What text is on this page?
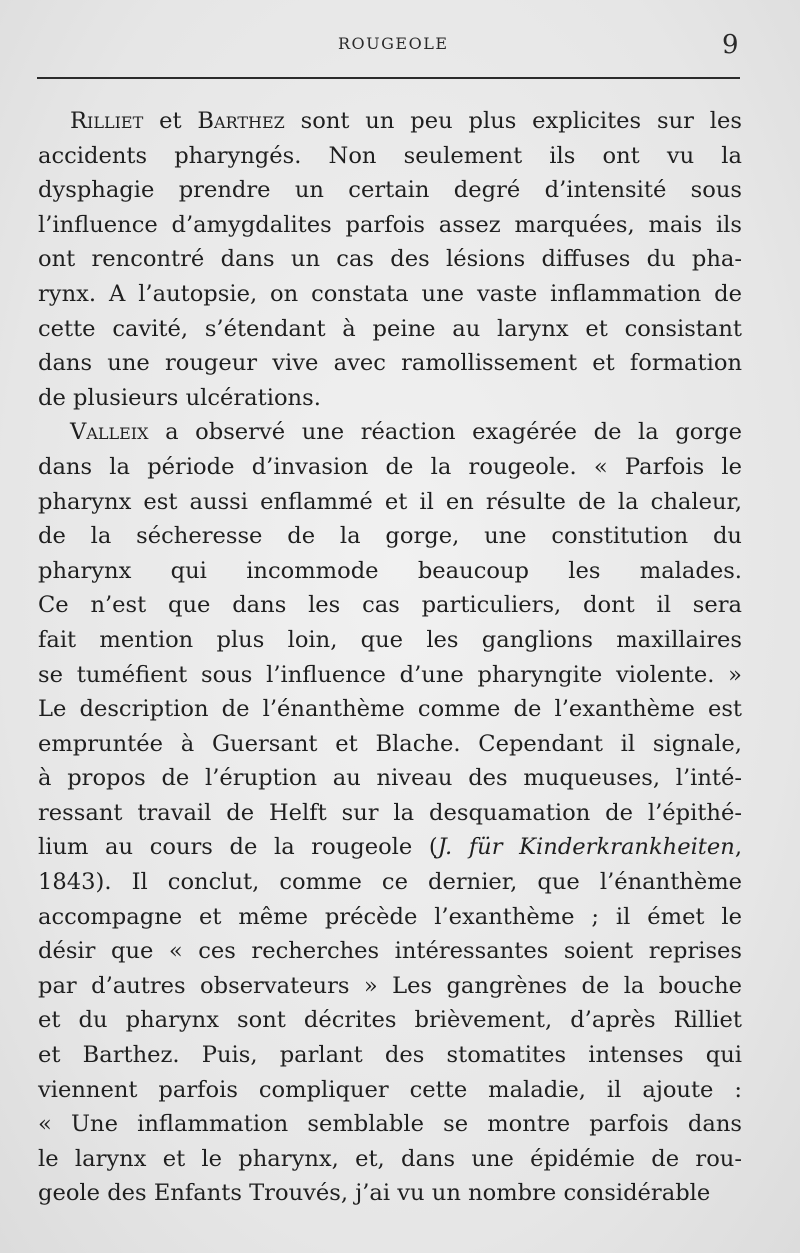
ROUGEOLE	9
Rilliet et Barthez sont un peu plus explicites sur les
accidents pharyngés. Non seulement ils ont vu la
dysphagie prendre un certain degré d’intensité sous
l’influence d’amygdalites parfois assez marquées, mais ils
ont rencontré dans un cas des lésions diffuses du pha-
rynx. A l’autopsie, on constata une vaste inflammation de
cette cavité, s’étendant à peine au larynx et consistant
dans une rougeur vive avec ramollissement et formation
de plusieurs ulcérations.
Valleix a observé une réaction exagérée de la gorge
dans la période d’invasion de la rougeole. « Parfois le
pharynx est aussi enflammé et il en résulte de la chaleur,
de la sécheresse de la gorge, une constitution du
pharynx qui incommode beaucoup les malades.
Ce n’est que dans les cas particuliers, dont il sera
fait mention plus loin, que les ganglions maxillaires
se tuméfient sous l’influence d’une pharyngite violente. »
Le description de l’énanthème comme de l’exanthème est
empruntée à Guersant et Blache. Cependant il signale,
à propos de l’éruption au niveau des muqueuses, l’inté-
ressant travail de Helft sur la desquamation de l’épithé-
lium au cours de la rougeole (J. für Kinderkrankheiten,
1843). Il conclut, comme ce dernier, que l’énanthème
accompagne et même précède l’exanthème ; il émet le
désir que « ces recherches intéressantes soient reprises
par d’autres observateurs » Les gangrènes de la bouche
et du pharynx sont décrites brièvement, d’après Rilliet
et Barthez. Puis, parlant des stomatites intenses qui
viennent parfois compliquer cette maladie, il ajoute :
« Une inflammation semblable se montre parfois dans
le larynx et le pharynx, et, dans une épidémie de rou-
geole des Enfants Trouvés, j’ai vu un nombre considérable
